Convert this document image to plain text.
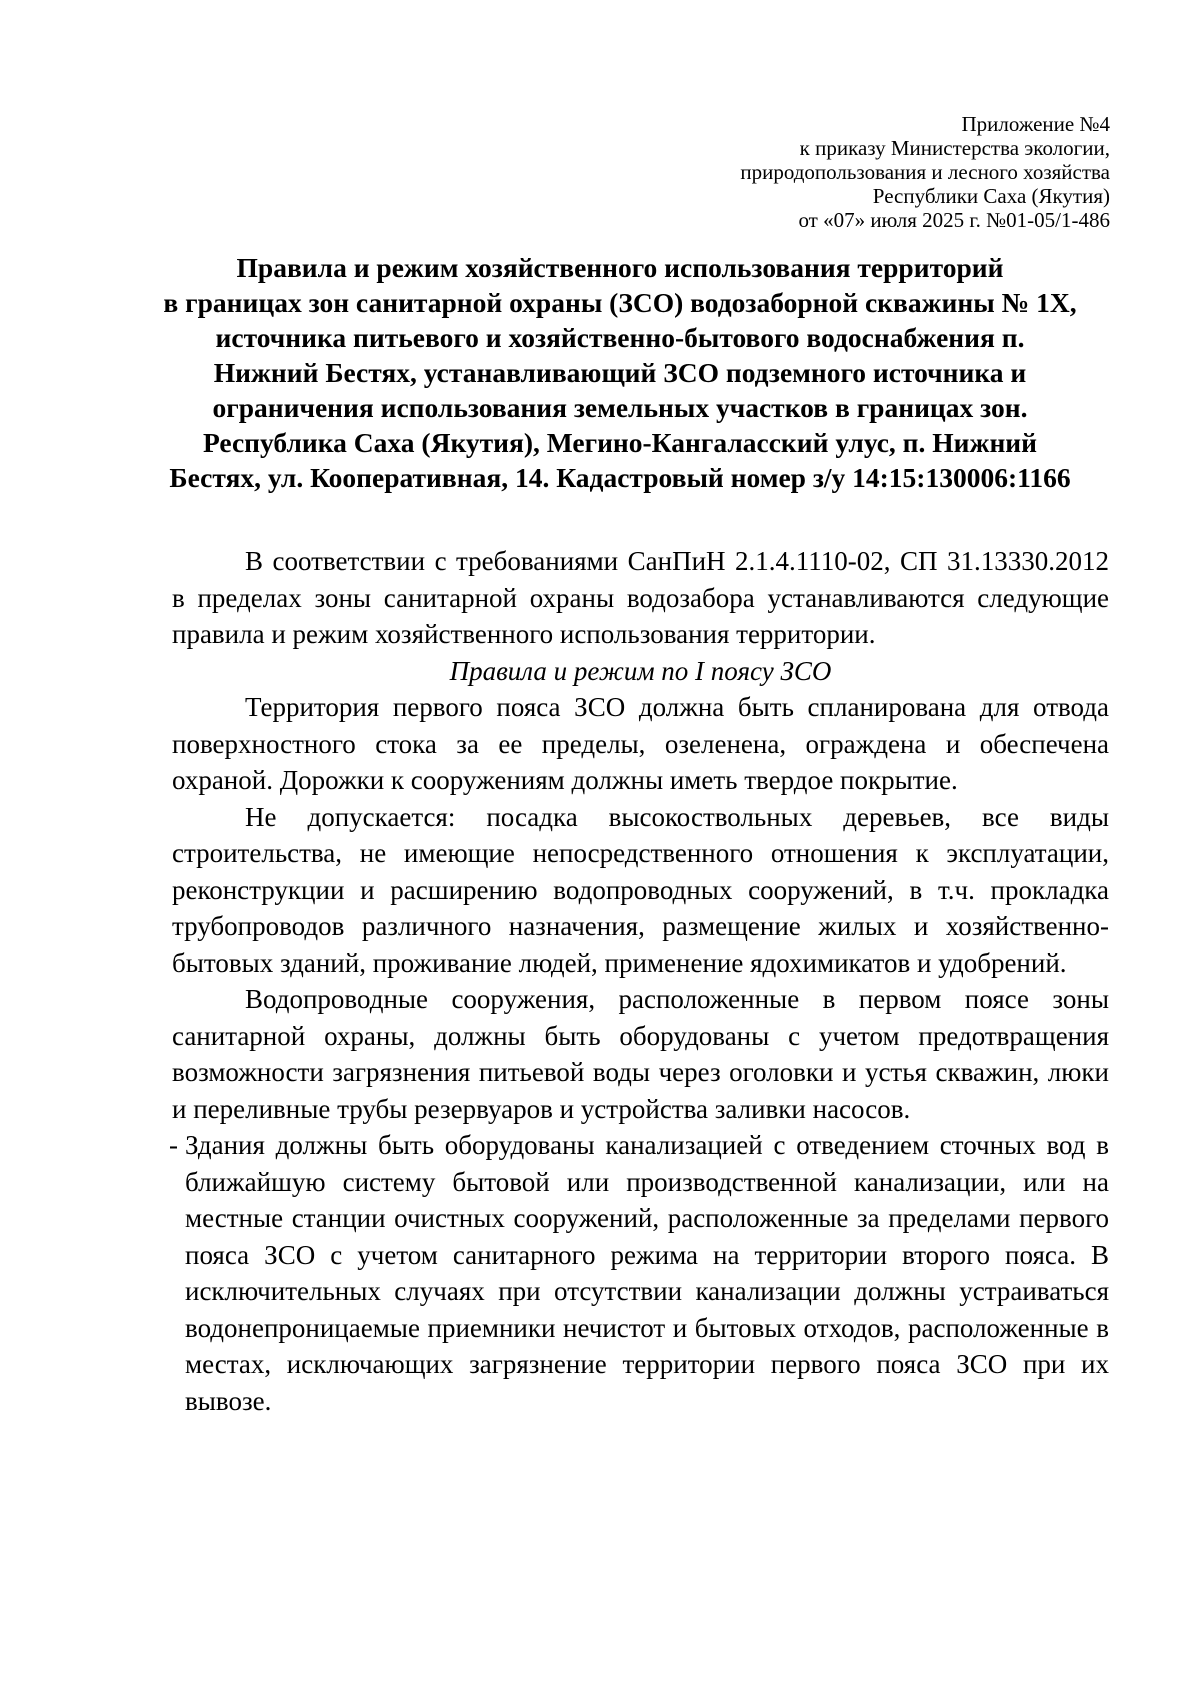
Приложение №4
к приказу Министерства экологии,
природопользования и лесного хозяйства
Республики Саха (Якутия)
от «07» июля 2025 г. №01-05/1-486
Правила и режим хозяйственного использования территорий
в границах зон санитарной охраны (ЗСО) водозаборной скважины № 1Х,
источника питьевого и хозяйственно-бытового водоснабжения п.
Нижний Бестях, устанавливающий ЗСО подземного источника и
ограничения использования земельных участков в границах зон.
Республика Саха (Якутия), Мегино-Кангаласский улус, п. Нижний
Бестях, ул. Кооперативная, 14. Кадастровый номер з/у 14:15:130006:1166

В соответствии с требованиями СанПиН 2.1.4.1110-02, СП 31.13330.2012 в пределах зоны санитарной охраны водозабора устанавливаются следующие правила и режим хозяйственного использования территории.

Правила и режим по I поясу ЗСО

Территория первого пояса ЗСО должна быть спланирована для отвода поверхностного стока за ее пределы, озеленена, ограждена и обеспечена охраной. Дорожки к сооружениям должны иметь твердое покрытие.

Не допускается: посадка высокоствольных деревьев, все виды строительства, не имеющие непосредственного отношения к эксплуатации, реконструкции и расширению водопроводных сооружений, в т.ч. прокладка трубопроводов различного назначения, размещение жилых и хозяйственно-бытовых зданий, проживание людей, применение ядохимикатов и удобрений.

Водопроводные сооружения, расположенные в первом поясе зоны санитарной охраны, должны быть оборудованы с учетом предотвращения возможности загрязнения питьевой воды через оголовки и устья скважин, люки и переливные трубы резервуаров и устройства заливки насосов.

- Здания должны быть оборудованы канализацией с отведением сточных вод в ближайшую систему бытовой или производственной канализации, или на местные станции очистных сооружений, расположенные за пределами первого пояса ЗСО с учетом санитарного режима на территории второго пояса. В исключительных случаях при отсутствии канализации должны устраиваться водонепроницаемые приемники нечистот и бытовых отходов, расположенные в местах, исключающих загрязнение территории первого пояса ЗСО при их вывозе.
